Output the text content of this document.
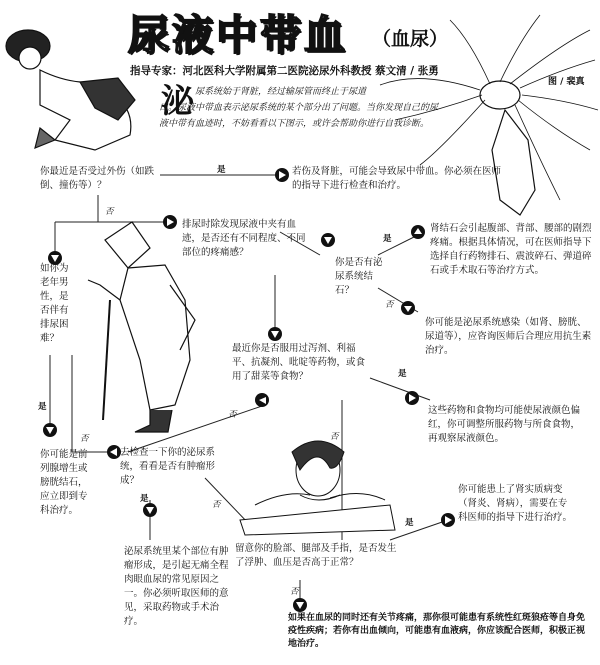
尿液中带血 （血尿）
指导专家：河北医科大学附属第二医院泌尿外科教授 蔡文清 / 张勇
图 / 裴真
泌 尿系统始于肾脏，经过输尿管而终止于尿道
口。尿液中带血表示泌尿系统的某个部分出了问题。当你发现自己的尿液中带有血迹时，不妨看看以下图示，或许会帮助你进行自我诊断。
你最近是否受过外伤（如跌倒、撞伤等）？
是
否
若伤及肾脏，可能会导致尿中带血。你必须在医师的指导下进行检查和治疗。
排尿时除发现尿液中夹有血迹，是否还有不同程度、不同部位的疼痛感？
是
你是否有泌尿系统结石？
否
肾结石会引起腹部、背部、腰部的剧烈疼痛。根据具体情况，可在医师指导下选择自行药物排石、震波碎石、弹道碎石或手术取石等治疗方式。
你可能是泌尿系统感染（如肾、膀胱、尿道等），应咨询医师后合理应用抗生素治疗。
如你为老年男性，是否伴有排尿困难？
是
否
你可能是前列腺增生或膀胱结石，应立即到专科治疗。
最近你是否服用过泻剂、利福平、抗凝剂、吡啶等药物，或食用了甜菜等食物？	是
否
否
这些药物和食物均可能使尿液颜色偏红，你可调整所服药物与所食食物，再观察尿液颜色。
去检查一下你的泌尿系统，看看是否有肿瘤形成？
是
否
泌尿系统里某个部位有肿瘤形成，是引起无痛全程肉眼血尿的常见原因之一。你必须听取医师的意见，采取药物或手术治疗。
留意你的脸部、腿部及手指，是否发生了浮肿、血压是否高于正常？
是
否
你可能患上了肾实质病变（肾炎、肾病），需要在专科医师的指导下进行治疗。
如果在血尿的同时还有关节疼痛，那你很可能患有系统性红斑狼疮等自身免疫性疾病；若你有出血倾向，可能患有血液病，你应该配合医师，积极正视地治疗。
